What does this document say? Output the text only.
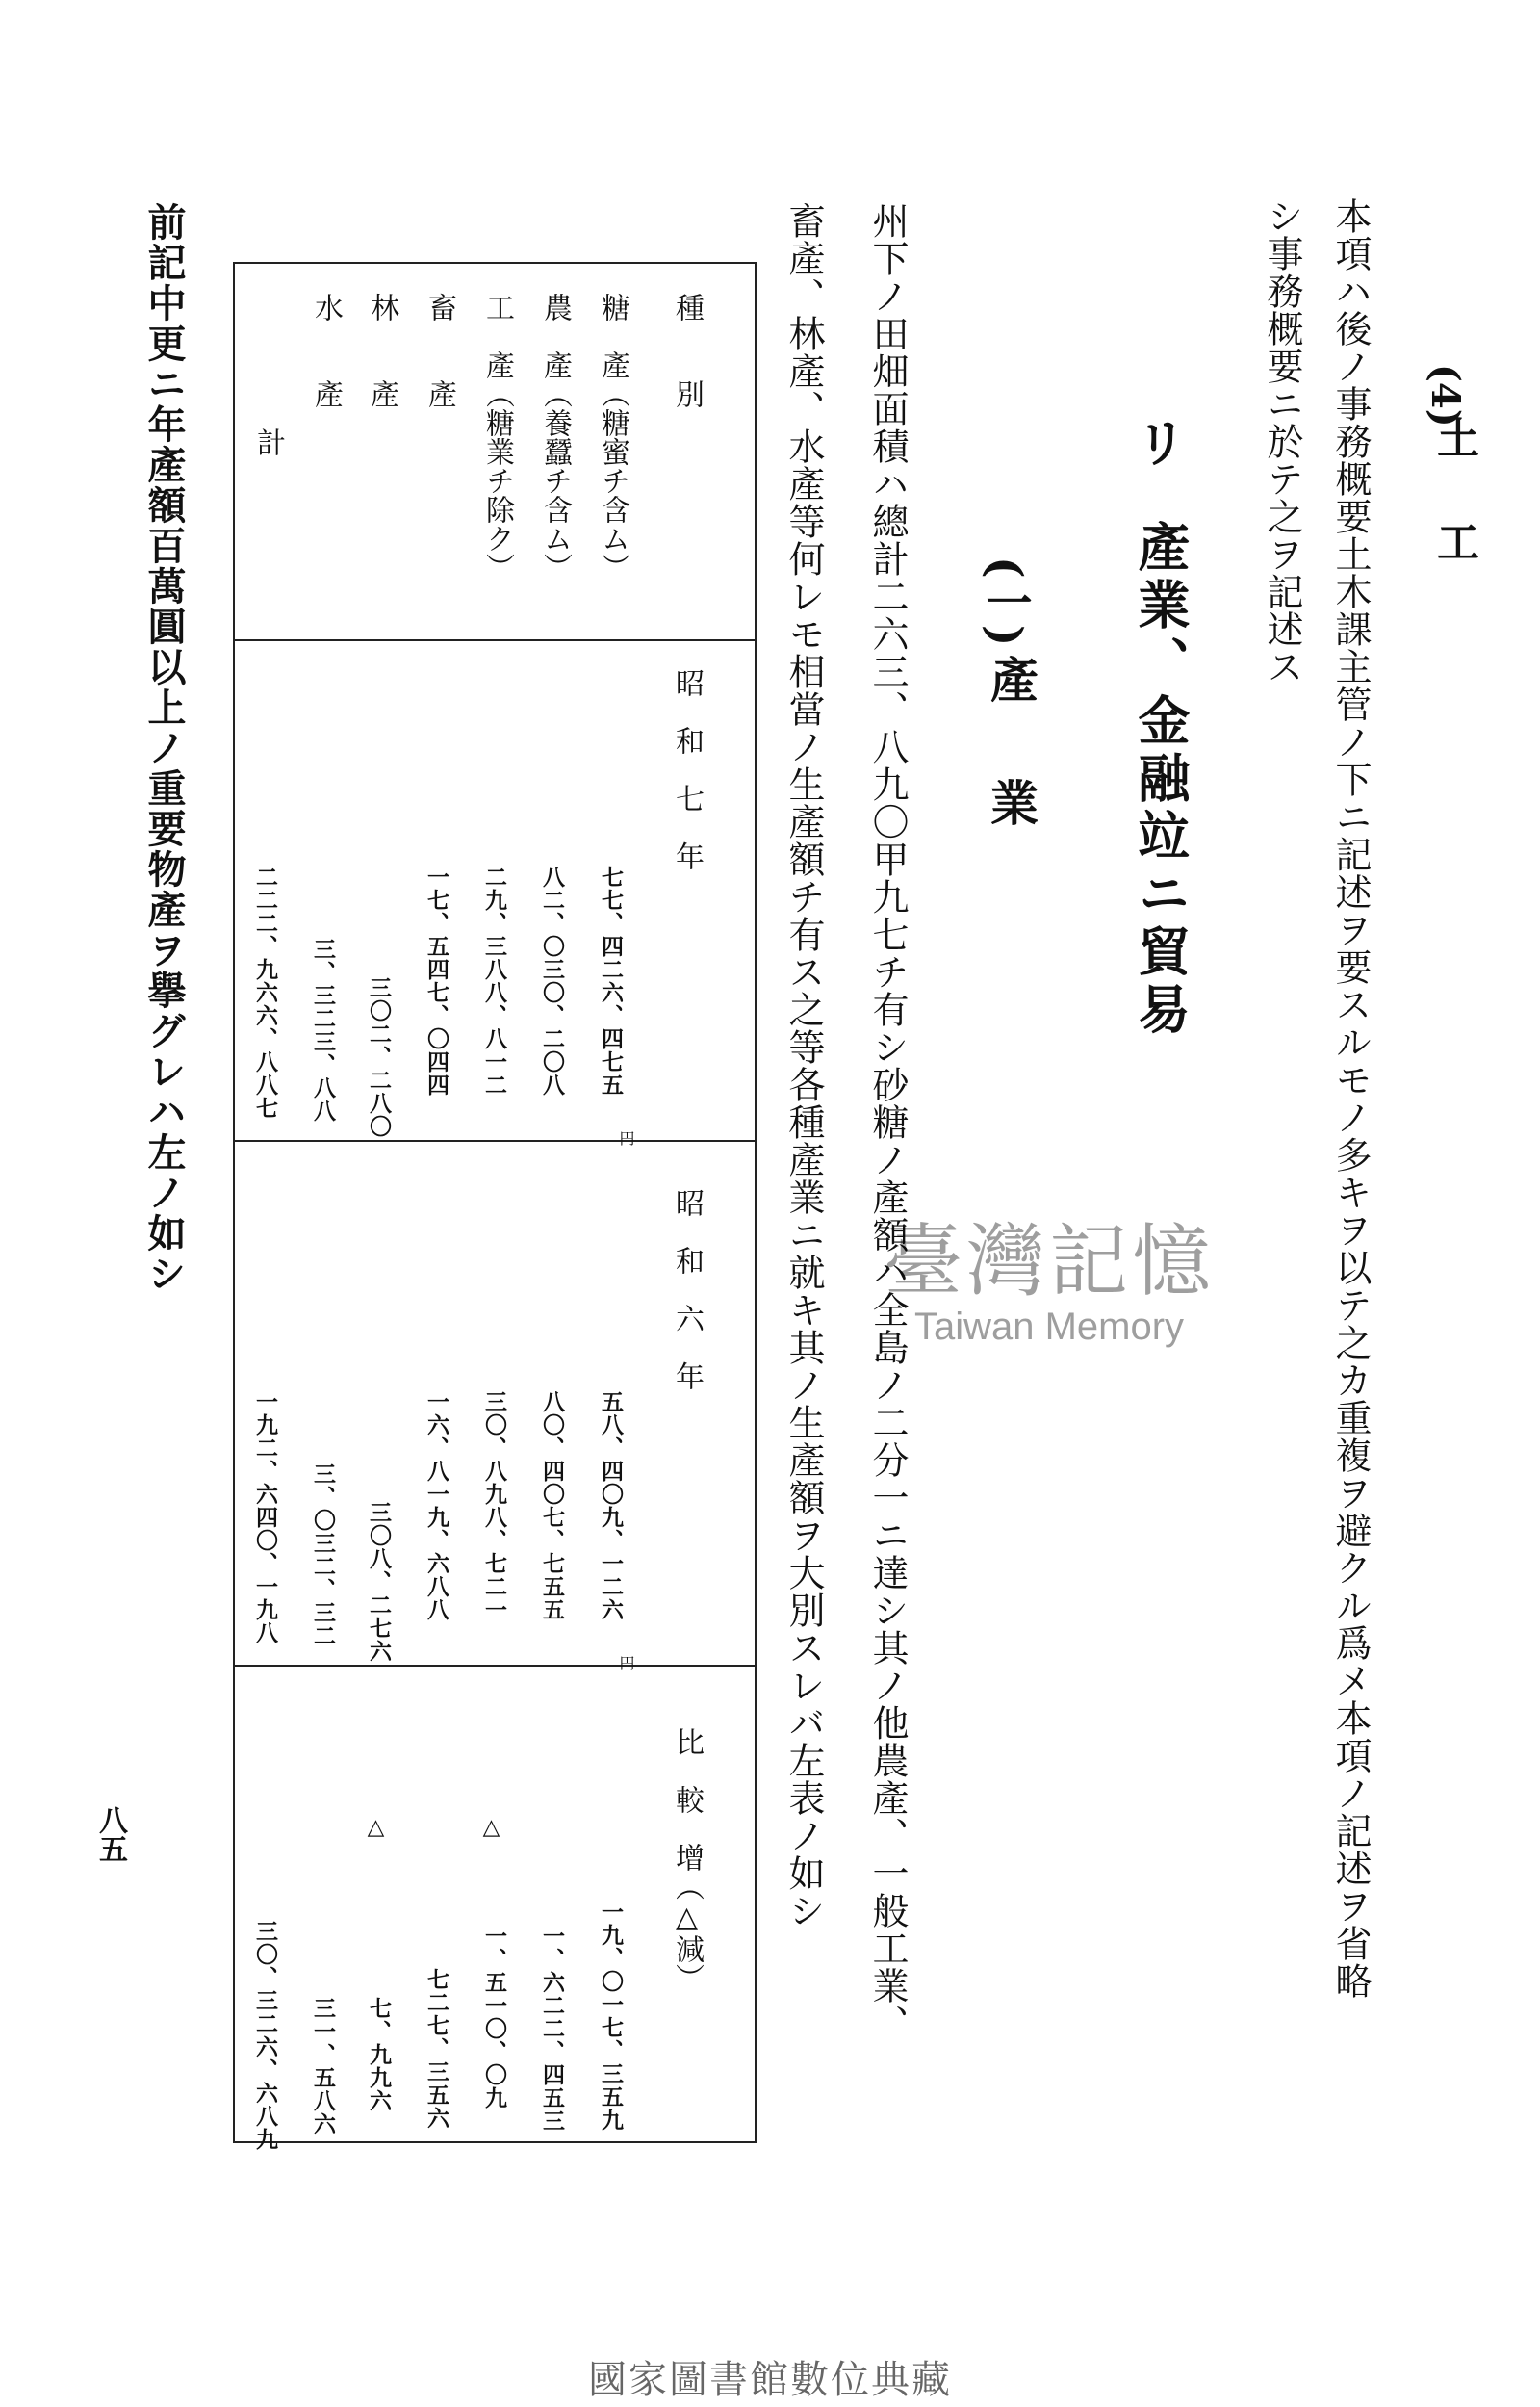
(4)
土　工
本項ハ後ノ事務概要土木課主管ノ下ニ記述ヲ要スルモノ多キヲ以テ之カ重複ヲ避クル爲メ本項ノ記述ヲ省略
シ事務概要ニ於テ之ヲ記述ス
リ
產業、金融竝ニ貿易
(一)
產　業
州下ノ田畑面積ハ總計二六三、八九〇甲九七チ有シ砂糖ノ產額ハ全島ノ二分一ニ達シ其ノ他農產、一般工業、
畜產、林產、水產等何レモ相當ノ生產額チ有ス之等各種產業ニ就キ其ノ生產額ヲ大別スレバ左表ノ如シ
種　　別
昭　和　七　年
昭　和　六　年
比　較　增（△減）
円
円
糖　產（糖蜜チ含ム）
七七、四二六、四七五
五八、四〇九、一二六
一九、〇一七、三五九
農　產（養蠶チ含ム）
八二、〇三〇、二〇八
八〇、四〇七、七五五
一、六二二、四五三
工　產（糖業チ除ク）
二九、三八八、八一二
三〇、八九八、七二一
△
一、五一〇、〇九
畜　　產
一七、五四七、〇四四
一六、八一九、六八八
七二七、三五六
林　　產
三〇二、二八〇
三〇八、二七六
△
七、九九六
水　　產
三、三二三、八八
三、〇三二、三二
三一、五八六
計
二二二、九六六、八八七
一九二、六四〇、一九八
三〇、三二六、六八九
前記中更ニ年產額百萬圓以上ノ重要物產ヲ擧グレハ左ノ如シ
八五
臺灣記憶
Taiwan Memory
國家圖書館數位典藏
